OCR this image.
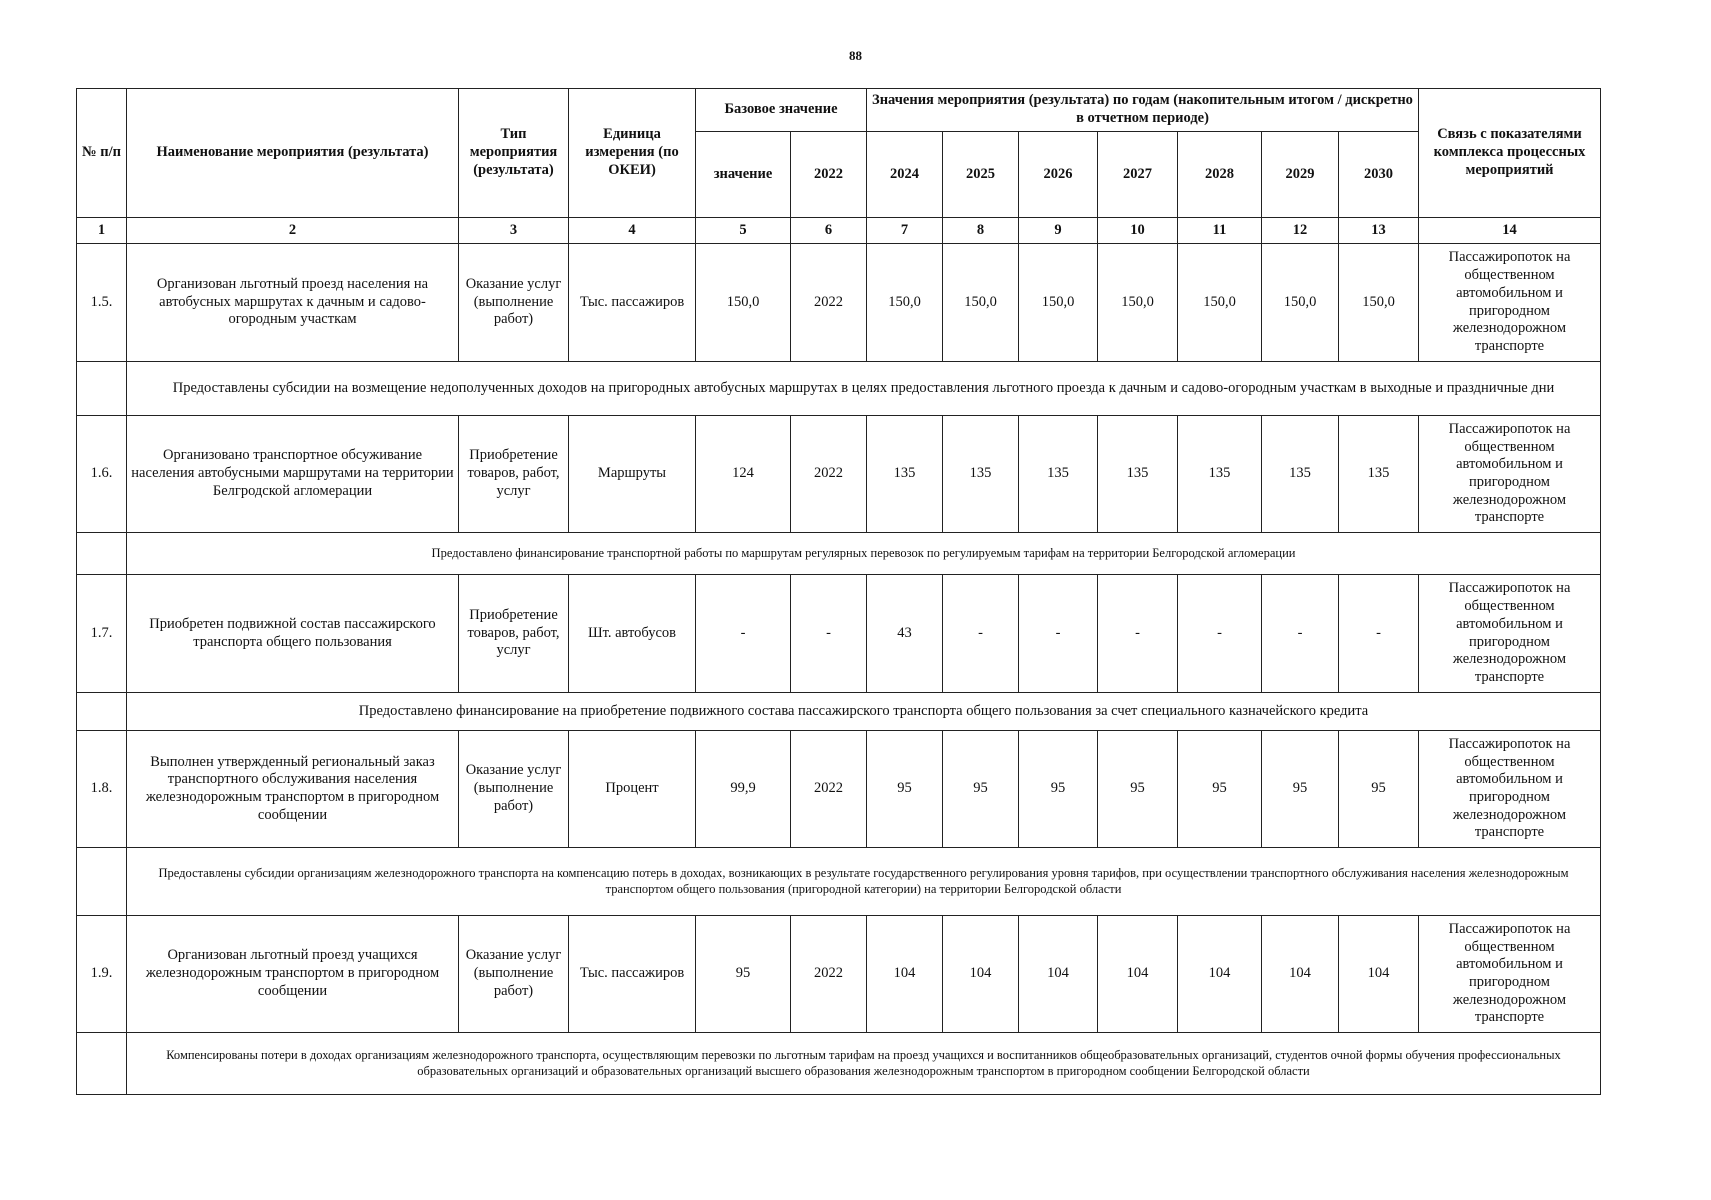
88
№ п/п	Наименование мероприятия (результата)	Тип мероприятия (результата)	Единица измерения (по ОКЕИ)	Базовое значение		Значения мероприятия (результата) по годам (накопительным итогом / дискретно в отчетном периоде)							Связь с показателями комплекса процессных мероприятий
				значение	2022	2024	2025	2026	2027	2028	2029	2030	
1	2	3	4	5	6	7	8	9	10	11	12	13	14
1.5.	Организован льготный проезд населения на автобусных маршрутах к дачным и садово-огородным участкам	Оказание услуг (выполнение работ)	Тыс. пассажиров	150,0	2022	150,0	150,0	150,0	150,0	150,0	150,0	150,0	Пассажиропоток на общественном автомобильном и пригородном железнодорожном транспорте
	Предоставлены субсидии на возмещение недополученных доходов на пригородных автобусных маршрутах в целях предоставления льготного проезда к дачным и садово-огородным участкам в выходные и праздничные дни												
1.6.	Организовано транспортное обсуживание населения автобусными маршрутами на территории Белгродской агломерации	Приобретение товаров, работ, услуг	Маршруты	124	2022	135	135	135	135	135	135	135	Пассажиропоток на общественном автомобильном и пригородном железнодорожном транспорте
	Предоставлено финансирование транспортной работы по маршрутам регулярных перевозок по регулируемым тарифам на территории Белгородской агломерации												
1.7.	Приобретен подвижной состав пассажирского транспорта общего пользования	Приобретение товаров, работ, услуг	Шт. автобусов	-	-	43	-	-	-	-	-	-	Пассажиропоток на общественном автомобильном и пригородном железнодорожном транспорте
	Предоставлено финансирование на приобретение подвижного состава пассажирского транспорта общего пользования за счет специального казначейского кредита												
1.8.	Выполнен утвержденный региональный заказ транспортного обслуживания населения железнодорожным транспортом в пригородном сообщении	Оказание услуг (выполнение работ)	Процент	99,9	2022	95	95	95	95	95	95	95	Пассажиропоток на общественном автомобильном и пригородном железнодорожном транспорте
	Предоставлены субсидии организациям железнодорожного транспорта на компенсацию потерь в доходах, возникающих в результате государственного регулирования уровня тарифов, при осуществлении транспортного обслуживания населения железнодорожным транспортом общего пользования (пригородной категории) на территории Белгородской области												
1.9.	Организован льготный проезд учащихся железнодорожным транспортом в пригородном сообщении	Оказание услуг (выполнение работ)	Тыс. пассажиров	95	2022	104	104	104	104	104	104	104	Пассажиропоток на общественном автомобильном и пригородном железнодорожном транспорте
	Компенсированы потери в доходах организациям железнодорожного транспорта, осуществляющим перевозки по льготным тарифам на проезд учащихся и воспитанников общеобразовательных организаций, студентов очной формы обучения профессиональных образовательных организаций и образовательных организаций высшего образования железнодорожным транспортом в пригородном сообщении Белгородской области												
